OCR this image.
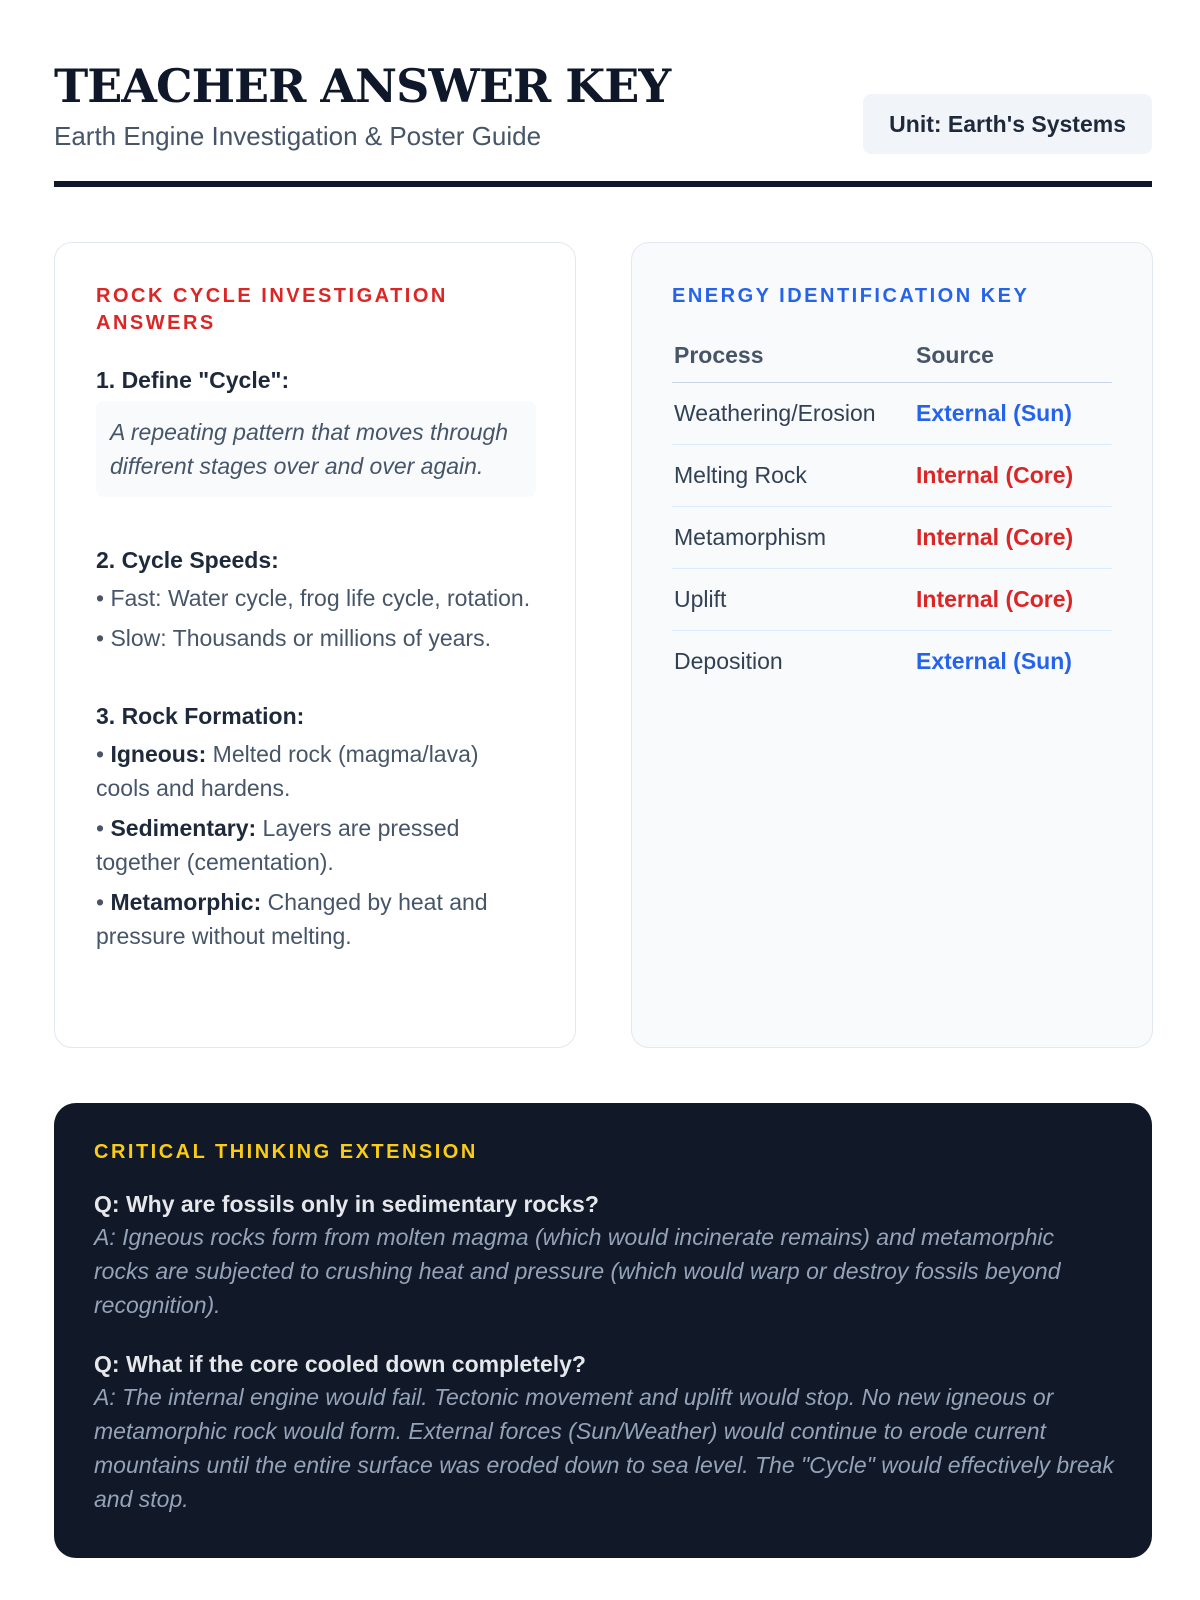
TEACHER ANSWER KEY
Earth Engine Investigation & Poster Guide	Unit: Earth's Systems
ROCK CYCLE INVESTIGATION ANSWERS
1. Define "Cycle":
A repeating pattern that moves through different stages over and over again.
2. Cycle Speeds:
• Fast: Water cycle, frog life cycle, rotation.
• Slow: Thousands or millions of years.
3. Rock Formation:
• Igneous: Melted rock (magma/lava) cools and hardens.
• Sedimentary: Layers are pressed together (cementation).
• Metamorphic: Changed by heat and pressure without melting.
ENERGY IDENTIFICATION KEY
Process	Source
Weathering/Erosion	External (Sun)
Melting Rock	Internal (Core)
Metamorphism	Internal (Core)
Uplift	Internal (Core)
Deposition	External (Sun)
CRITICAL THINKING EXTENSION
Q: Why are fossils only in sedimentary rocks?
A: Igneous rocks form from molten magma (which would incinerate remains) and metamorphic rocks are subjected to crushing heat and pressure (which would warp or destroy fossils beyond recognition).
Q: What if the core cooled down completely?
A: The internal engine would fail. Tectonic movement and uplift would stop. No new igneous or metamorphic rock would form. External forces (Sun/Weather) would continue to erode current mountains until the entire surface was eroded down to sea level. The "Cycle" would effectively break and stop.
